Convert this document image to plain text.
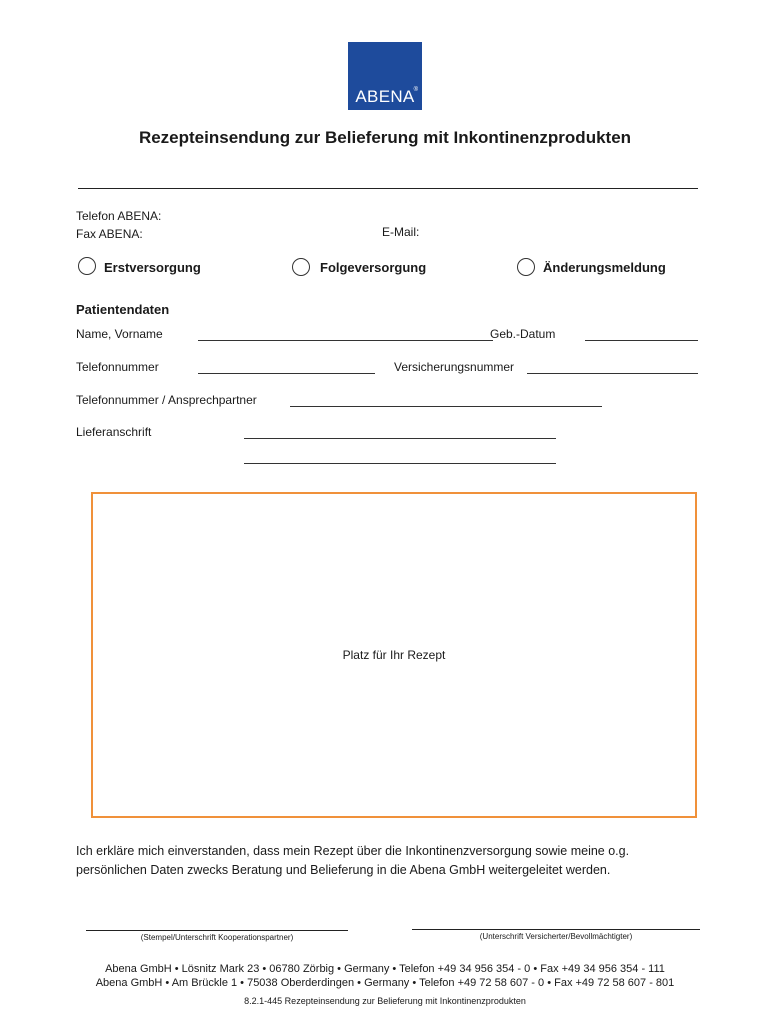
ABENA ®
Rezepteinsendung zur Belieferung mit Inkontinenzprodukten
Telefon ABENA:
Fax ABENA:	E-Mail:
Erstversorgung	Folgeversorgung	Änderungsmeldung
Patientendaten
Name, Vorname	Geb.-Datum
Telefonnummer	Versicherungsnummer
Telefonnummer / Ansprechpartner
Lieferanschrift
Platz für Ihr Rezept
Ich erkläre mich einverstanden, dass mein Rezept über die Inkontinenzversorgung sowie meine o.g.
persönlichen Daten zwecks Beratung und Belieferung in die Abena GmbH weitergeleitet werden.
(Stempel/Unterschrift Kooperationspartner)	(Unterschrift Versicherter/Bevollmächtigter)
Abena GmbH • Lösnitz Mark 23 • 06780 Zörbig • Germany • Telefon +49 34 956 354 - 0 • Fax +49 34 956 354 - 111
Abena GmbH • Am Brückle 1 • 75038 Oberderdingen • Germany • Telefon +49 72 58 607 - 0 • Fax +49 72 58 607 - 801
8.2.1-445 Rezepteinsendung zur Belieferung mit Inkontinenzprodukten
